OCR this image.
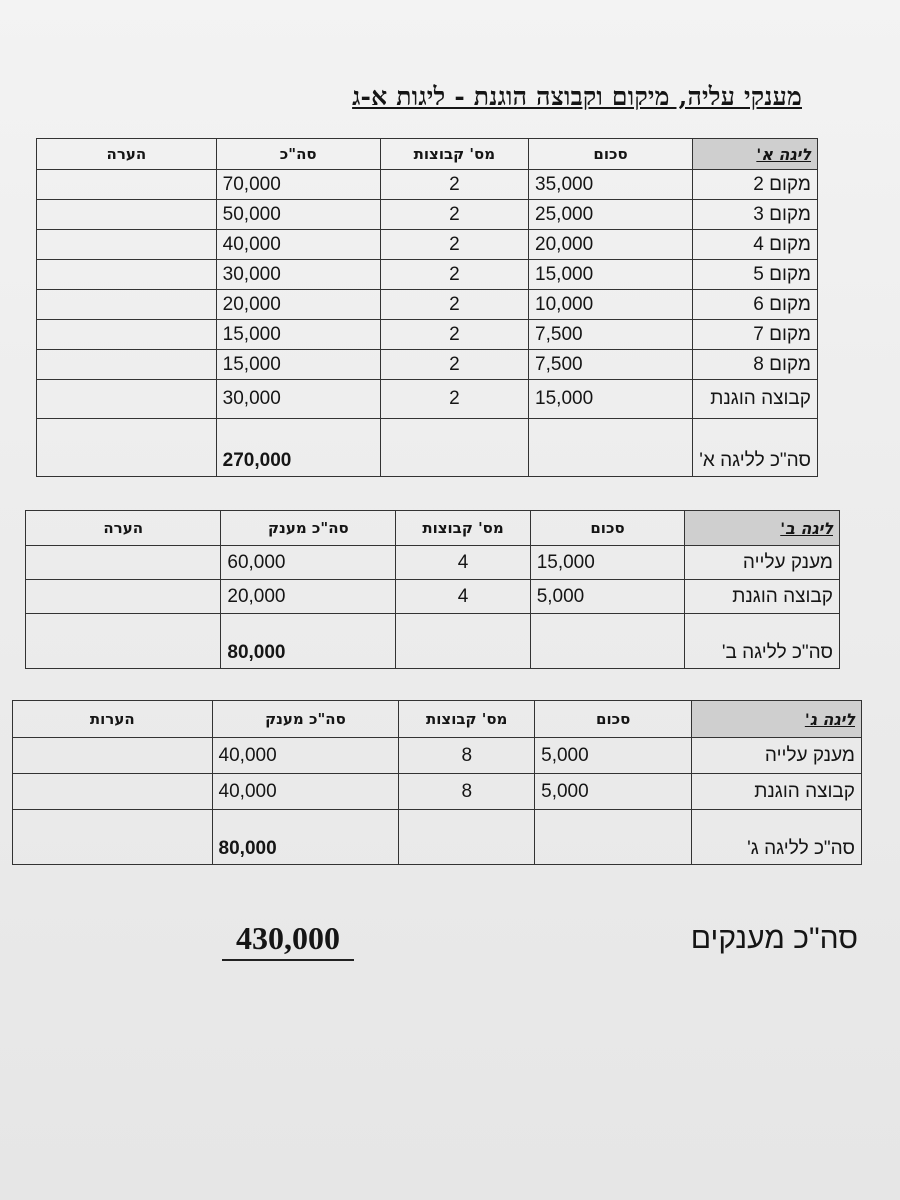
מענקי עליה, מיקום וקבוצה הוגנת - ליגות א-ג
ליגה א'	סכום	מס' קבוצות	סה"כ	הערה
מקום 2	35,000	2	70,000	
מקום 3	25,000	2	50,000	
מקום 4	20,000	2	40,000	
מקום 5	15,000	2	30,000	
מקום 6	10,000	2	20,000	
מקום 7	7,500	2	15,000	
מקום 8	7,500	2	15,000	
קבוצה הוגנת	15,000	2	30,000	
סה"כ לליגה א'			270,000	
ליגה ב'	סכום	מס' קבוצות	סה"כ מענק	הערה
מענק עלייה	15,000	4	60,000	
קבוצה הוגנת	5,000	4	20,000	
סה"כ לליגה ב'			80,000	
ליגה ג'	סכום	מס' קבוצות	סה"כ מענק	הערות
מענק עלייה	5,000	8	40,000	
קבוצה הוגנת	5,000	8	40,000	
סה"כ לליגה ג'			80,000	
סה"כ מענקים
430,000
